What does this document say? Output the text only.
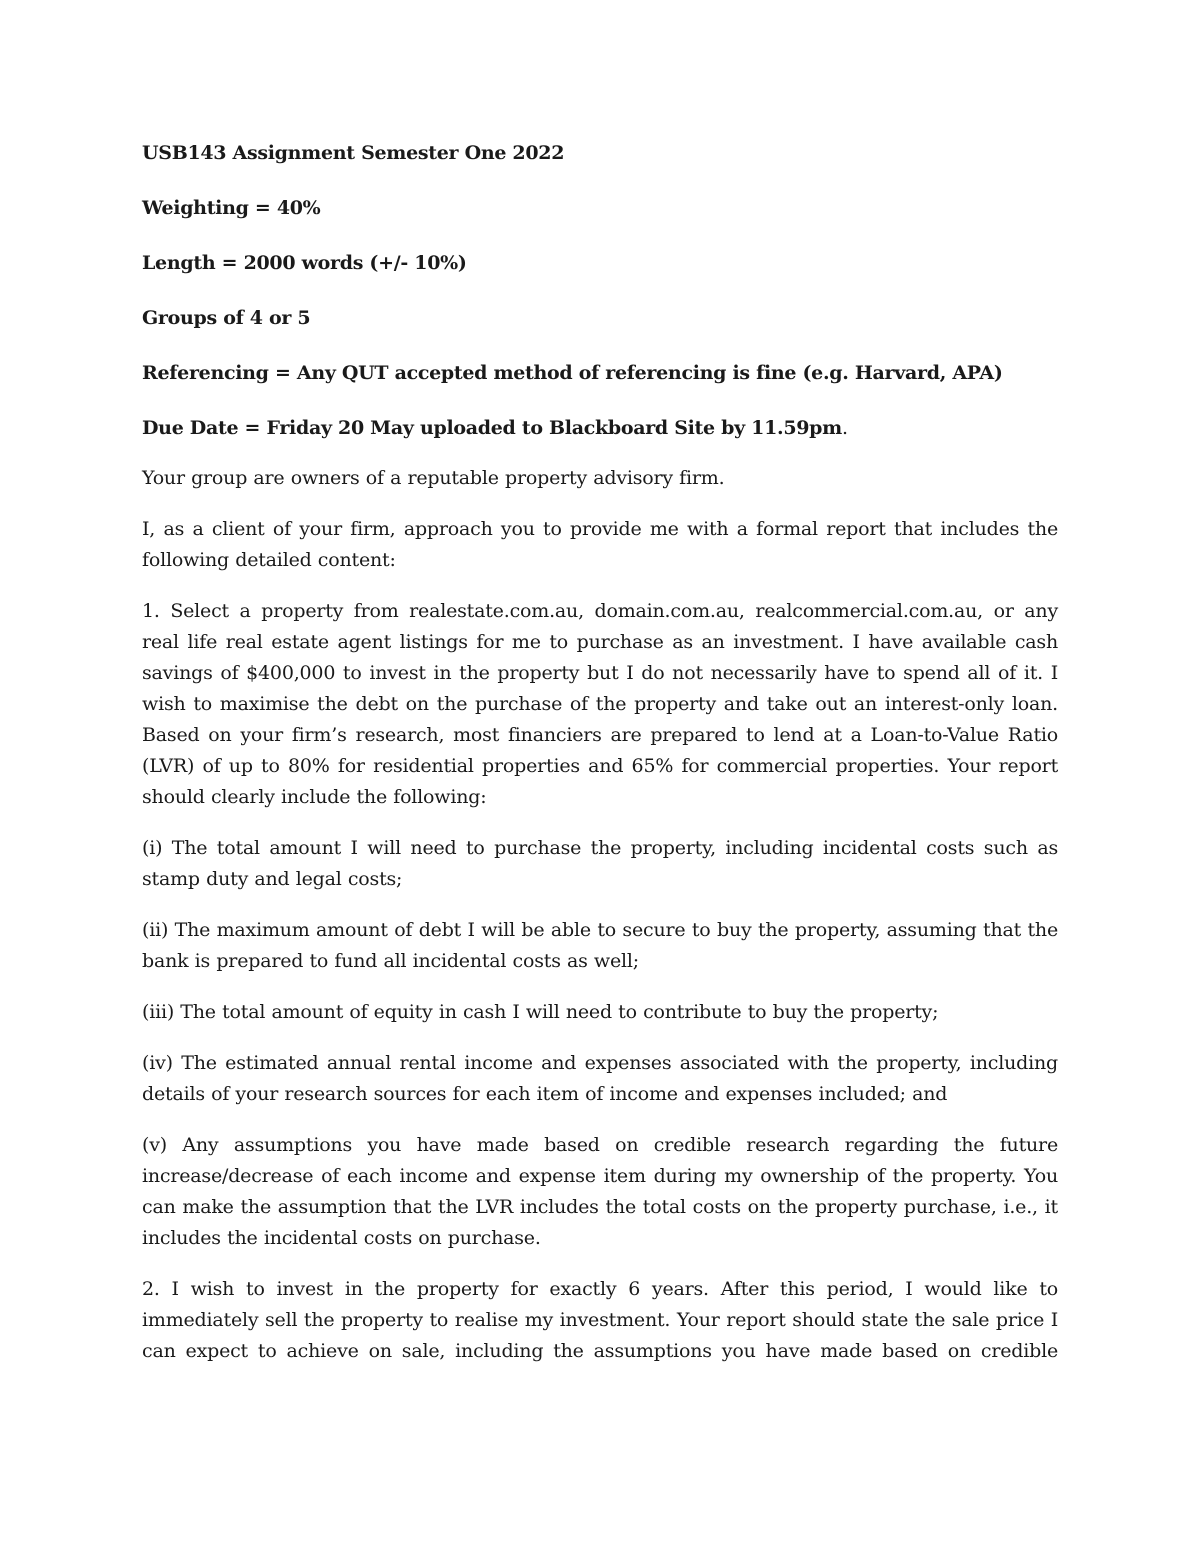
USB143 Assignment Semester One 2022
Weighting = 40%
Length = 2000 words (+/- 10%)
Groups of 4 or 5
Referencing = Any QUT accepted method of referencing is fine (e.g. Harvard, APA)
Due Date = Friday 20 May uploaded to Blackboard Site by 11.59pm.

Your group are owners of a reputable property advisory firm.

I, as a client of your firm, approach you to provide me with a formal report that includes the following detailed content:

1. Select a property from realestate.com.au, domain.com.au, realcommercial.com.au, or any real life real estate agent listings for me to purchase as an investment. I have available cash savings of $400,000 to invest in the property but I do not necessarily have to spend all of it. I wish to maximise the debt on the purchase of the property and take out an interest-only loan. Based on your firm’s research, most financiers are prepared to lend at a Loan-to-Value Ratio (LVR) of up to 80% for residential properties and 65% for commercial properties. Your report should clearly include the following:

(i) The total amount I will need to purchase the property, including incidental costs such as stamp duty and legal costs;

(ii) The maximum amount of debt I will be able to secure to buy the property, assuming that the bank is prepared to fund all incidental costs as well;

(iii) The total amount of equity in cash I will need to contribute to buy the property;

(iv) The estimated annual rental income and expenses associated with the property, including details of your research sources for each item of income and expenses included; and

(v) Any assumptions you have made based on credible research regarding the future increase/decrease of each income and expense item during my ownership of the property. You can make the assumption that the LVR includes the total costs on the property purchase, i.e., it includes the incidental costs on purchase.

2. I wish to invest in the property for exactly 6 years. After this period, I would like to immediately sell the property to realise my investment. Your report should state the sale price I can expect to achieve on sale, including the assumptions you have made based on credible
